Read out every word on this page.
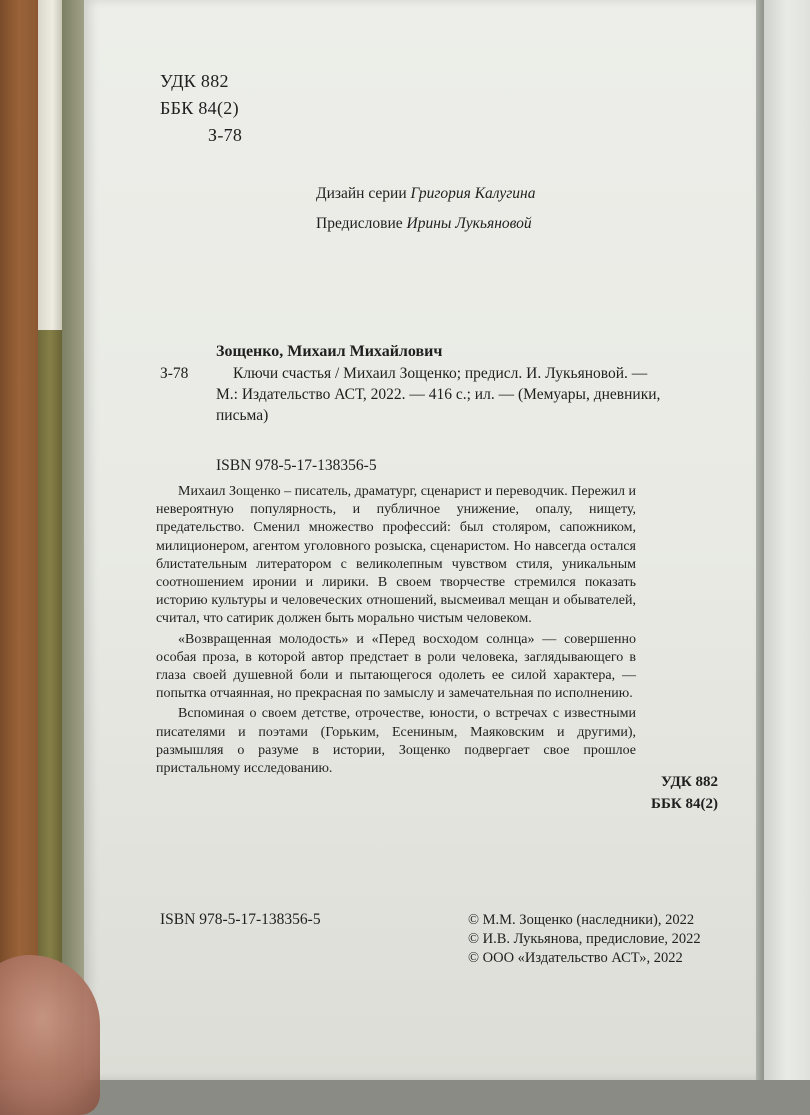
УДК 882
ББК 84(2)
З-78
Дизайн серии Григория Калугина
Предисловие Ирины Лукьяновой
Зощенко, Михаил Михайлович
З-78	Ключи счастья / Михаил Зощенко; предисл. И. Лукьяновой. —
М.: Издательство АСТ, 2022. — 416 с.; ил. — (Мемуары, дневники,
письма)
ISBN 978-5-17-138356-5

Михаил Зощенко – писатель, драматург, сценарист и переводчик. Пережил и невероятную популярность, и публичное унижение, опалу, нищету, предательство. Сменил множество профессий: был столяром, сапожником, милиционером, агентом уголовного розыска, сценаристом. Но навсегда остался блистательным литератором с великолепным чувством стиля, уникальным соотношением иронии и лирики. В своем творчестве стремился показать историю культуры и человеческих отношений, высмеивал мещан и обывателей, считал, что сатирик должен быть морально чистым человеком.

«Возвращенная молодость» и «Перед восходом солнца» — совершенно особая проза, в которой автор предстает в роли человека, заглядывающего в глаза своей душевной боли и пытающегося одолеть ее силой характера, — попытка отчаянная, но прекрасная по замыслу и замечательная по исполнению.

Вспоминая о своем детстве, отрочестве, юности, о встречах с известными писателями и поэтами (Горьким, Есениным, Маяковским и другими), размышляя о разуме в истории, Зощенко подвергает свое прошлое пристальному исследованию.

УДК 882
ББК 84(2)
ISBN 978-5-17-138356-5	© М.М. Зощенко (наследники), 2022
© И.В. Лукьянова, предисловие, 2022
© ООО «Издательство АСТ», 2022
